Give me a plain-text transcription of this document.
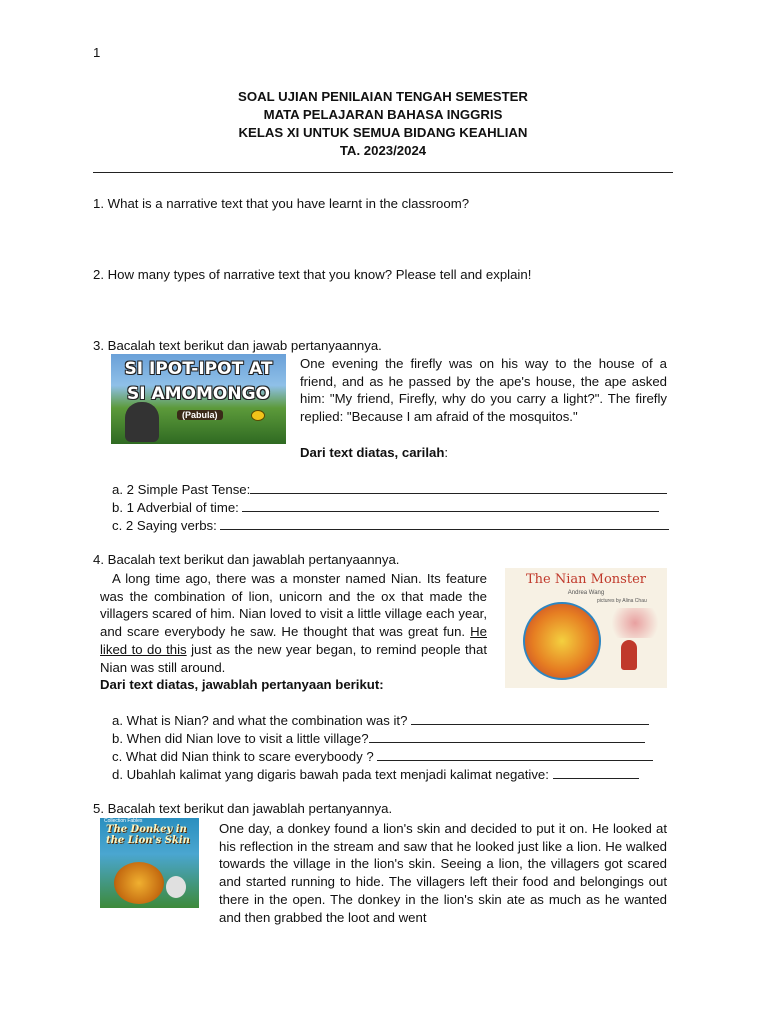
1
SOAL UJIAN PENILAIAN TENGAH SEMESTER
MATA PELAJARAN BAHASA INGGRIS
KELAS XI UNTUK SEMUA BIDANG KEAHLIAN
TA. 2023/2024
1. What is a narrative text that you have learnt in the classroom?
2. How many types of narrative text that you know? Please tell and explain!
3. Bacalah text berikut dan jawab pertanyaannya.
SI IPOT-IPOT AT
SI AMOMONGO
(Pabula)
One evening the firefly was on his way to the house of a friend, and as he passed by the ape's house, the ape asked him: "My friend, Firefly, why do you carry a light?". The firefly replied: "Because I am afraid of the mosquitos."
Dari text diatas, carilah:
a. 2 Simple Past Tense:
b. 1 Adverbial of time:
c. 2 Saying verbs:
4. Bacalah text berikut dan jawablah pertanyaannya.
A long time ago, there was a monster named Nian. Its feature was the combination of lion, unicorn and the ox that made the villagers scared of him. Nian loved to visit a little village each year, and scare everybody he saw. He thought that was great fun. He liked to do this just as the new year began, to remind people that Nian was still around.
Dari text diatas, jawablah pertanyaan berikut:
The Nian Monster
Andrea Wang
pictures by Alina Chau
a. What is Nian? and what the combination was it?
b. When did Nian love to visit a little village?
c. What did Nian think to scare everyboody ?
d. Ubahlah kalimat yang digaris bawah pada text menjadi kalimat negative:
5. Bacalah text berikut dan jawablah pertanyannya.
Collection Fables
The Donkey in the Lion's Skin
One day, a donkey found a lion's skin and decided to put it on. He looked at his reflection in the stream and saw that he looked just like a lion. He walked towards the village in the lion's skin. Seeing a lion, the villagers got scared and started running to hide. The villagers left their food and belongings out there in the open. The donkey in the lion's skin ate as much as he wanted and then grabbed the loot and went
